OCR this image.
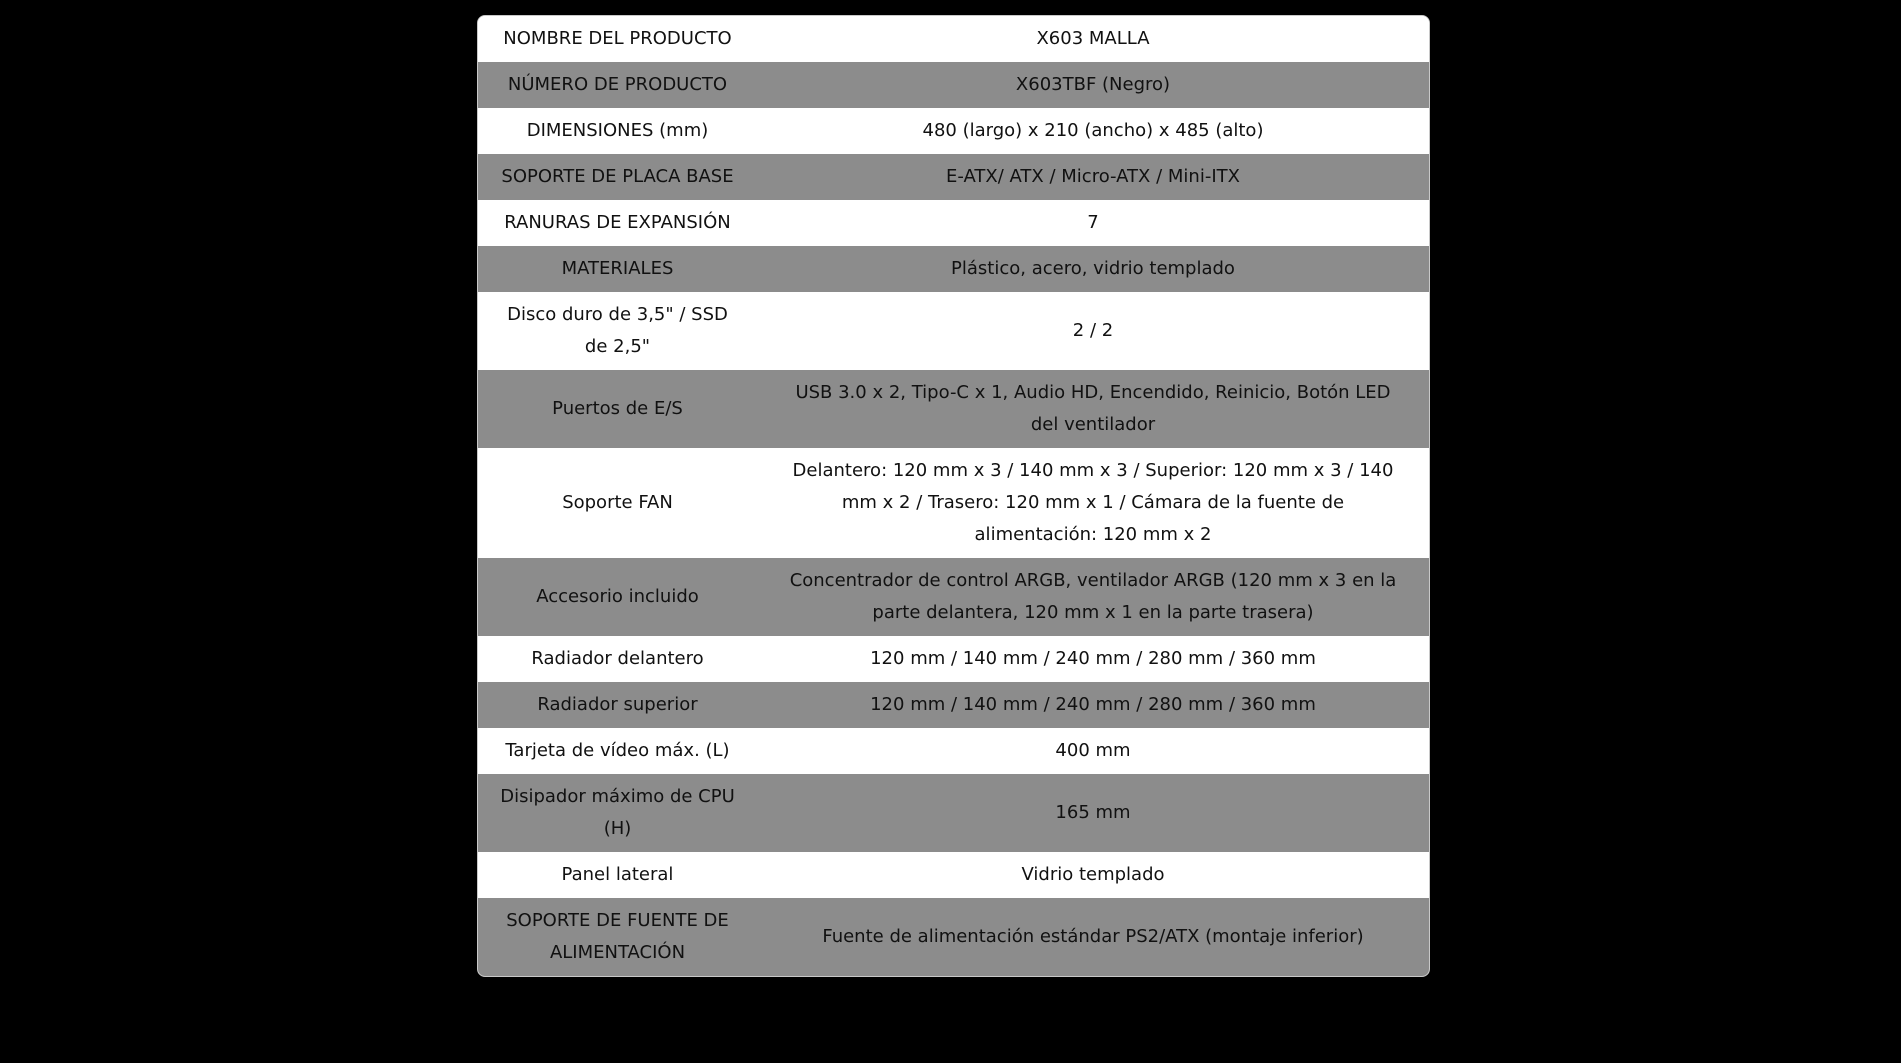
NOMBRE DEL PRODUCTO	X603 MALLA
NÚMERO DE PRODUCTO	X603TBF (Negro)
DIMENSIONES (mm)	480 (largo) x 210 (ancho) x 485 (alto)
SOPORTE DE PLACA BASE	E-ATX/ ATX / Micro-ATX / Mini-ITX
RANURAS DE EXPANSIÓN	7
MATERIALES	Plástico, acero, vidrio templado
Disco duro de 3,5" / SSD de 2,5"	2 / 2
Puertos de E/S	USB 3.0 x 2, Tipo-C x 1, Audio HD, Encendido, Reinicio, Botón LED del ventilador
Soporte FAN	Delantero: 120 mm x 3 / 140 mm x 3 / Superior: 120 mm x 3 / 140 mm x 2 / Trasero: 120 mm x 1 / Cámara de la fuente de alimentación: 120 mm x 2
Accesorio incluido	Concentrador de control ARGB, ventilador ARGB (120 mm x 3 en la parte delantera, 120 mm x 1 en la parte trasera)
Radiador delantero	120 mm / 140 mm / 240 mm / 280 mm / 360 mm
Radiador superior	120 mm / 140 mm / 240 mm / 280 mm / 360 mm
Tarjeta de vídeo máx. (L)	400 mm
Disipador máximo de CPU (H)	165 mm
Panel lateral	Vidrio templado
SOPORTE DE FUENTE DE ALIMENTACIÓN	Fuente de alimentación estándar PS2/ATX (montaje inferior)
